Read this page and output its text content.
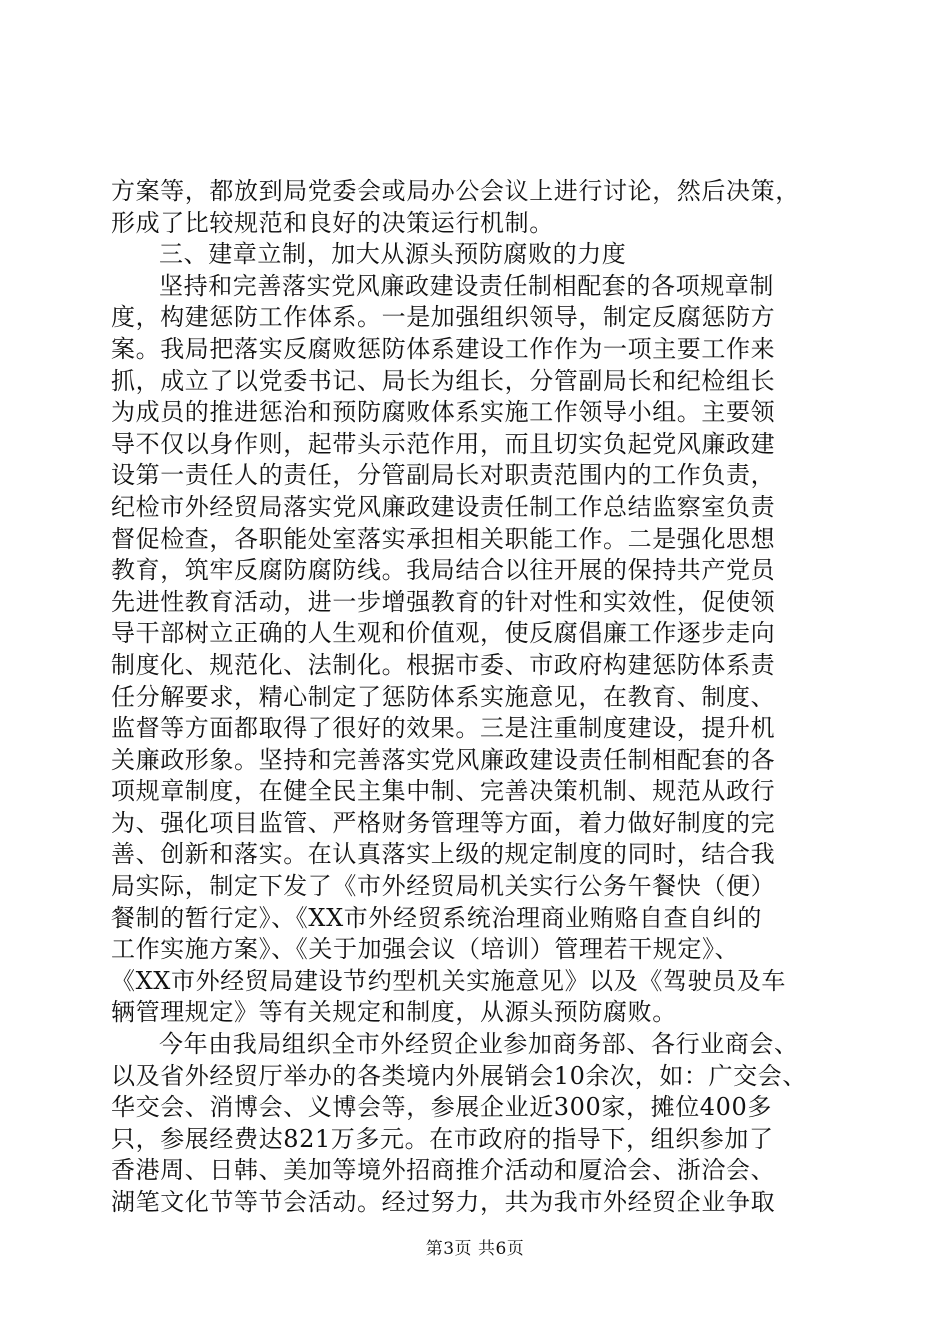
方案等，都放到局党委会或局办公会议上进行讨论，然后决策，
形成了比较规范和良好的决策运行机制。
三、建章立制，加大从源头预防腐败的力度
坚持和完善落实党风廉政建设责任制相配套的各项规章制
度，构建惩防工作体系。一是加强组织领导，制定反腐惩防方
案。我局把落实反腐败惩防体系建设工作作为一项主要工作来
抓，成立了以党委书记、局长为组长，分管副局长和纪检组长
为成员的推进惩治和预防腐败体系实施工作领导小组。主要领
导不仅以身作则，起带头示范作用，而且切实负起党风廉政建
设第一责任人的责任，分管副局长对职责范围内的工作负责，
纪检市外经贸局落实党风廉政建设责任制工作总结监察室负责
督促检查，各职能处室落实承担相关职能工作。二是强化思想
教育，筑牢反腐防腐防线。我局结合以往开展的保持共产党员
先进性教育活动，进一步增强教育的针对性和实效性，促使领
导干部树立正确的人生观和价值观，使反腐倡廉工作逐步走向
制度化、规范化、法制化。根据市委、市政府构建惩防体系责
任分解要求，精心制定了惩防体系实施意见，在教育、制度、
监督等方面都取得了很好的效果。三是注重制度建设，提升机
关廉政形象。坚持和完善落实党风廉政建设责任制相配套的各
项规章制度，在健全民主集中制、完善决策机制、规范从政行
为、强化项目监管、严格财务管理等方面，着力做好制度的完
善、创新和落实。在认真落实上级的规定制度的同时，结合我
局实际，制定下发了《市外经贸局机关实行公务午餐快（便）
餐制的暂行定》、《XX市外经贸系统治理商业贿赂自查自纠的
工作实施方案》、《关于加强会议（培训）管理若干规定》、
《XX市外经贸局建设节约型机关实施意见》以及《驾驶员及车
辆管理规定》等有关规定和制度，从源头预防腐败。
今年由我局组织全市外经贸企业参加商务部、各行业商会、
以及省外经贸厅举办的各类境内外展销会10余次，如：广交会、
华交会、消博会、义博会等，参展企业近300家，摊位400多
只，参展经费达821万多元。在市政府的指导下，组织参加了
香港周、日韩、美加等境外招商推介活动和厦洽会、浙洽会、
湖笔文化节等节会活动。经过努力，共为我市外经贸企业争取
第3页 共6页
